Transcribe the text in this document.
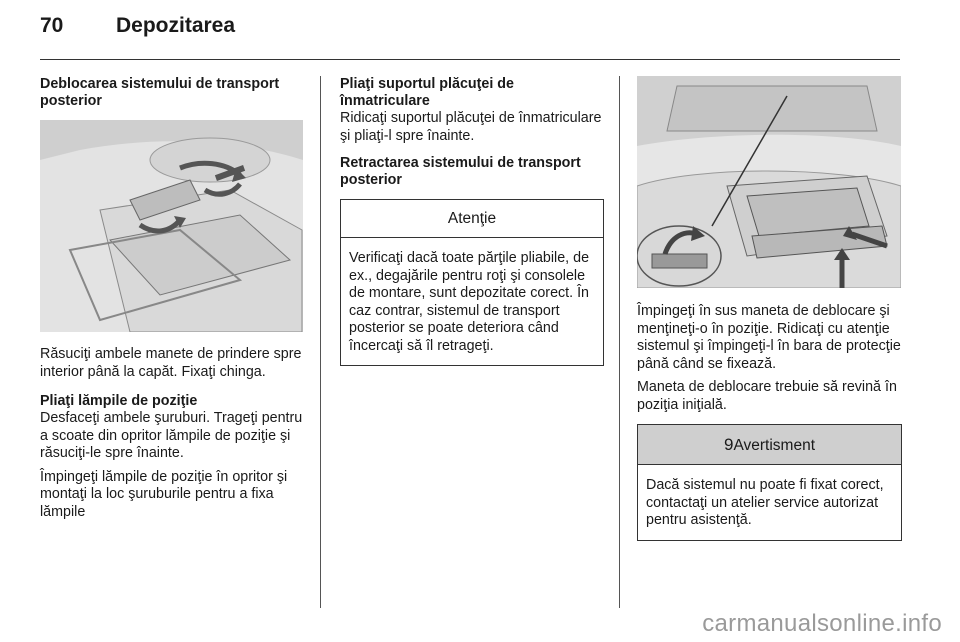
70	Depozitarea

Deblocarea sistemului de transport posterior

Răsuciţi ambele manete de prindere spre interior până la capăt. Fixaţi chinga.

Pliaţi lămpile de poziţie

Desfaceţi ambele şuruburi. Trageţi pentru a scoate din opritor lămpile de poziţie şi răsuciţi-le spre înainte.

Împingeţi lămpile de poziţie în opritor şi montaţi la loc şuruburile pentru a fixa lămpile

Pliaţi suportul plăcuţei de înmatriculare

Ridicaţi suportul plăcuţei de înmatriculare şi pliaţi-l spre înainte.

Retractarea sistemului de transport posterior

Atenţie
Verificaţi dacă toate părţile pliabile, de ex., degajările pentru roţi şi consolele de montare, sunt depozitate corect. În caz contrar, sistemul de transport posterior se poate deteriora când încercaţi să îl retrageţi.

Împingeţi în sus maneta de deblocare şi menţineţi-o în poziţie. Ridicaţi cu atenţie sistemul şi împingeţi-l în bara de protecţie până când se fixează.

Maneta de deblocare trebuie să revină în poziţia iniţială.

9Avertisment
Dacă sistemul nu poate fi fixat corect, contactaţi un atelier service autorizat pentru asistenţă.
carmanualsonline.info
